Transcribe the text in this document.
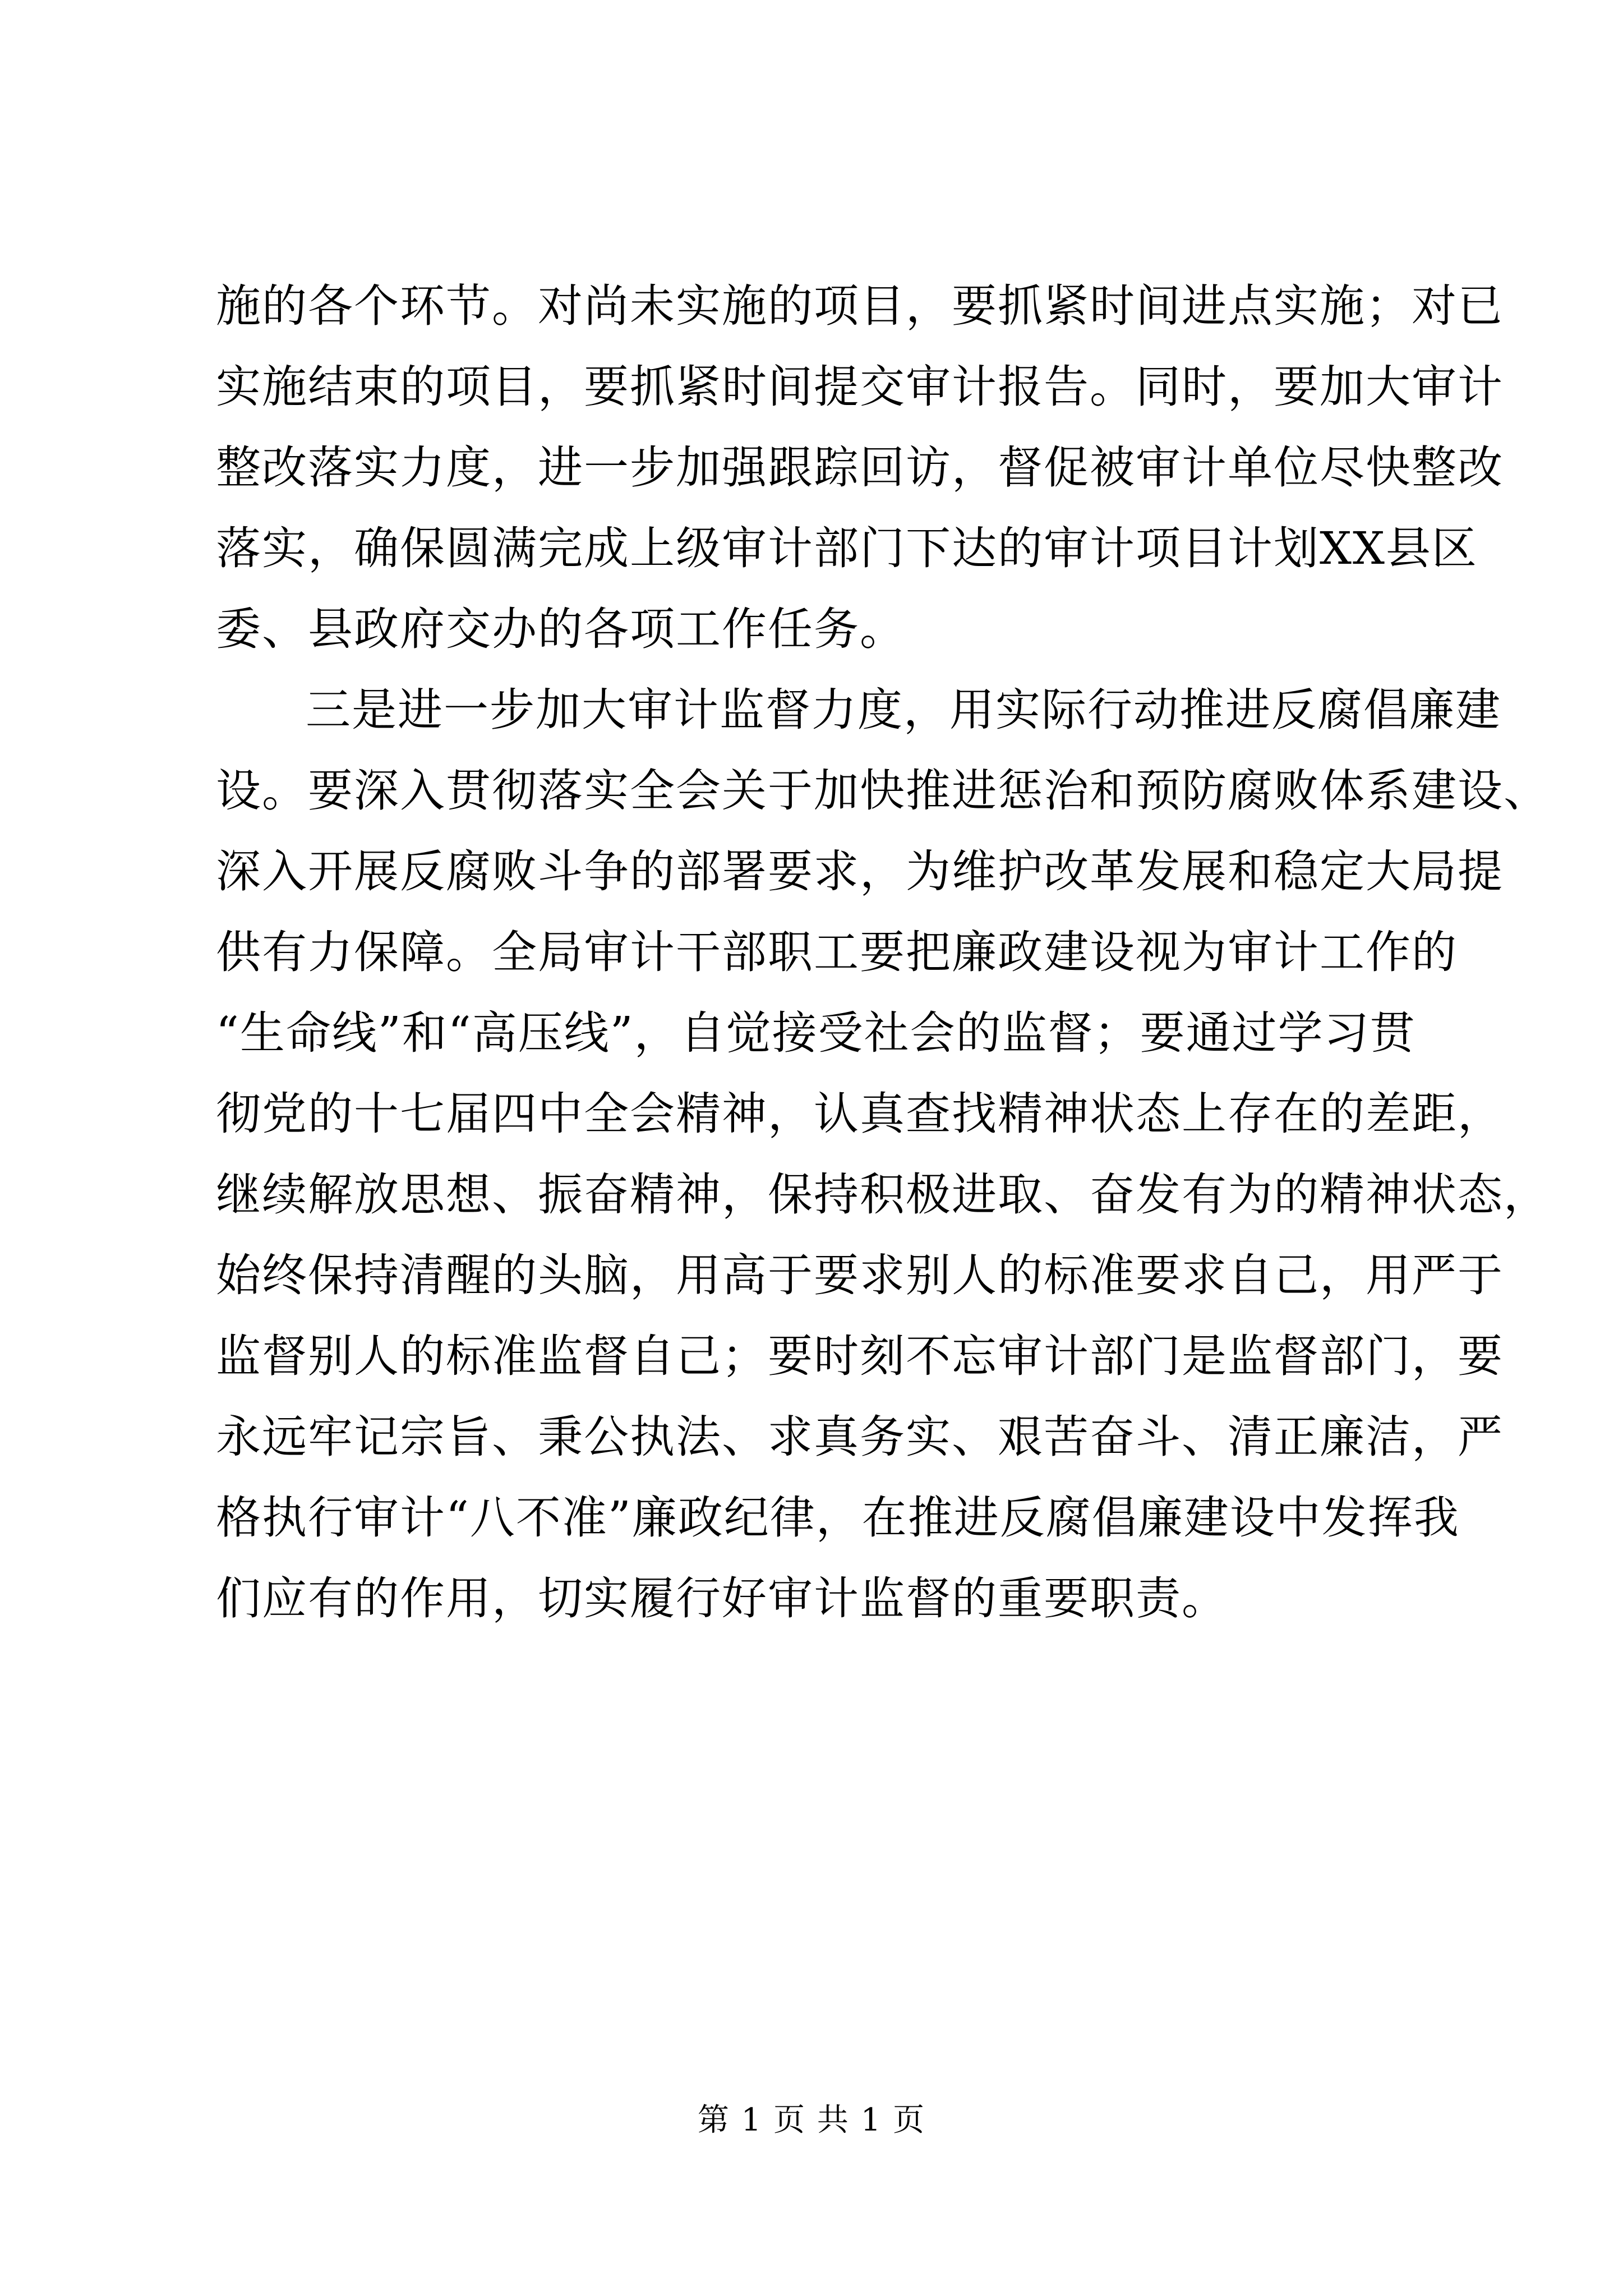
施的各个环节。对尚未实施的项目，要抓紧时间进点实施；对已
实施结束的项目，要抓紧时间提交审计报告。同时，要加大审计
整改落实力度，进一步加强跟踪回访，督促被审计单位尽快整改
落实，确保圆满完成上级审计部门下达的审计项目计划XX县区
委、县政府交办的各项工作任务。
三是进一步加大审计监督力度，用实际行动推进反腐倡廉建
设。要深入贯彻落实全会关于加快推进惩治和预防腐败体系建设、
深入开展反腐败斗争的部署要求，为维护改革发展和稳定大局提
供有力保障。全局审计干部职工要把廉政建设视为审计工作的
“生命线”和“高压线”，自觉接受社会的监督；要通过学习贯
彻党的十七届四中全会精神，认真查找精神状态上存在的差距，
继续解放思想、振奋精神，保持积极进取、奋发有为的精神状态，
始终保持清醒的头脑，用高于要求别人的标准要求自己，用严于
监督别人的标准监督自己；要时刻不忘审计部门是监督部门，要
永远牢记宗旨、秉公执法、求真务实、艰苦奋斗、清正廉洁，严
格执行审计“八不准”廉政纪律，在推进反腐倡廉建设中发挥我
们应有的作用，切实履行好审计监督的重要职责。
第 1 页 共 1 页
